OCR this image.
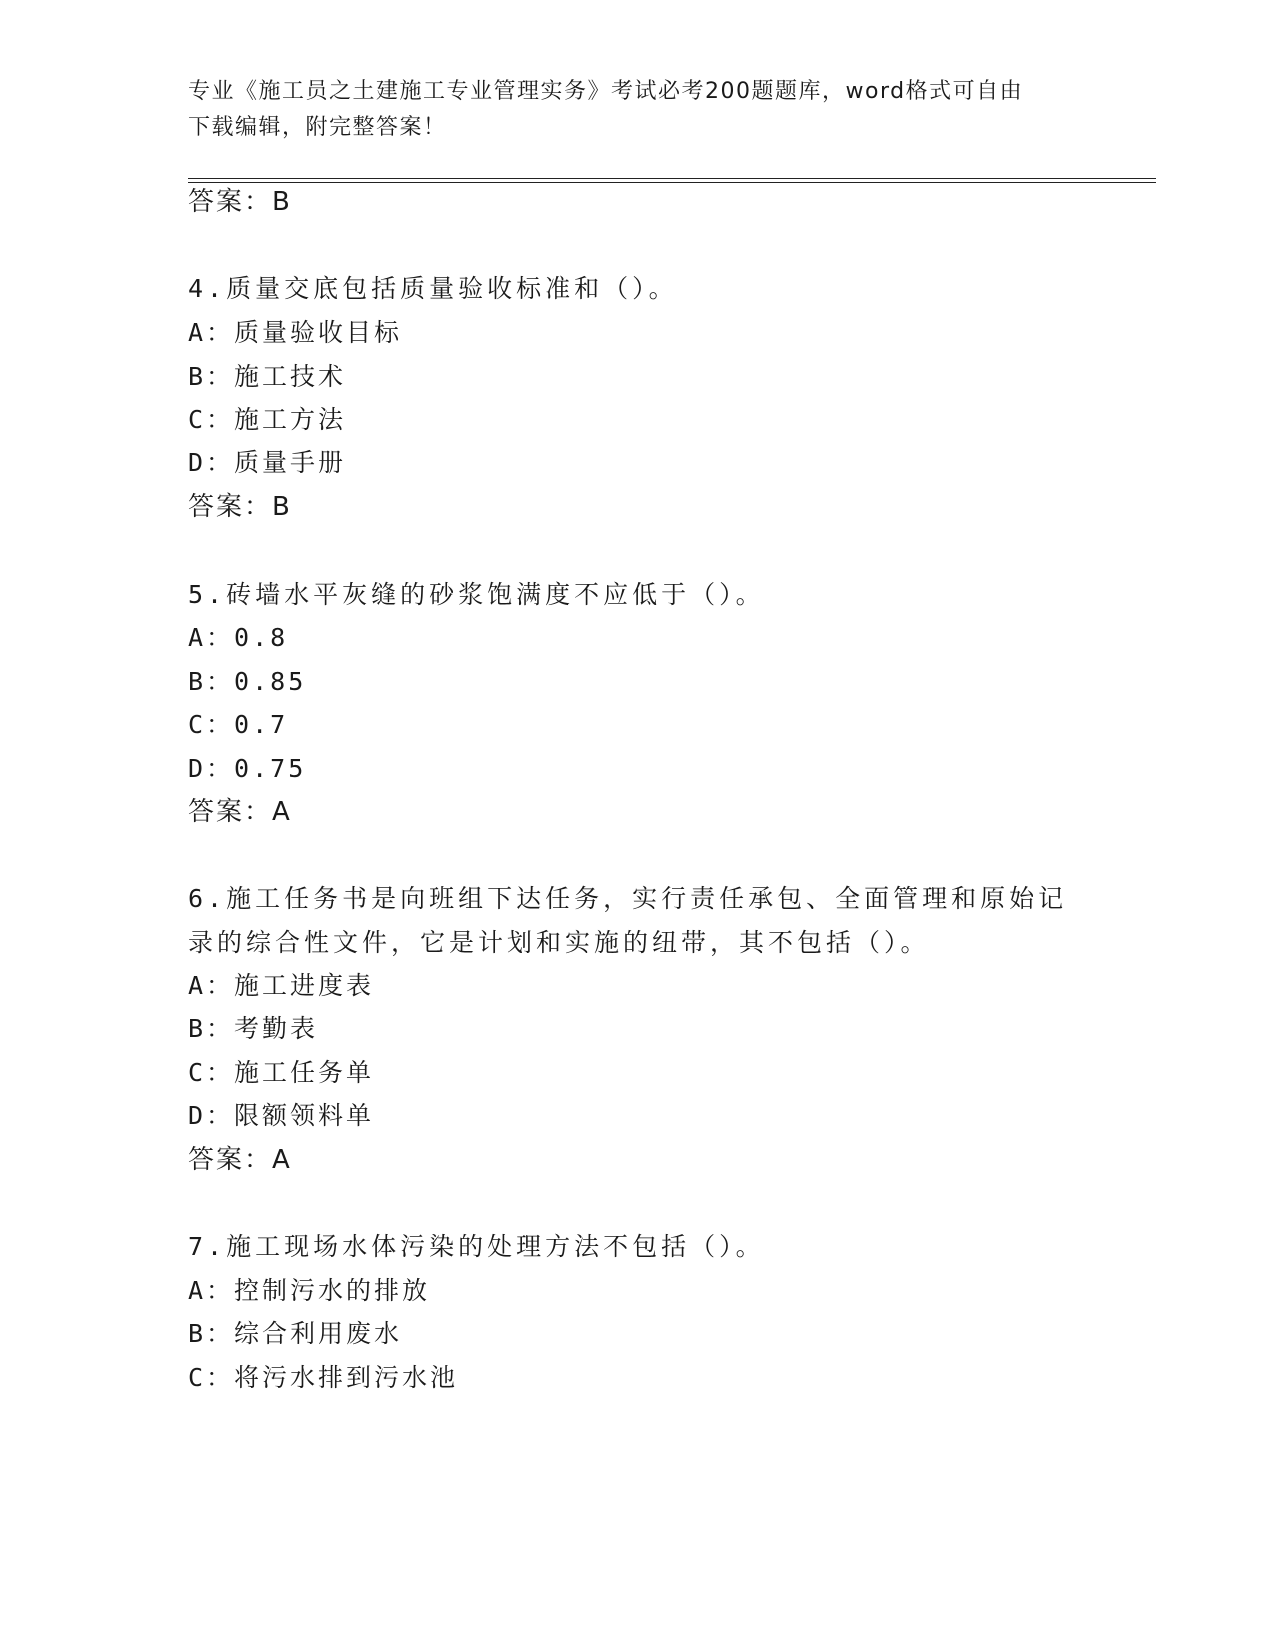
专业《施工员之土建施工专业管理实务》考试必考200题题库，word格式可自由
下载编辑，附完整答案！
答案：B
4.质量交底包括质量验收标准和（）。
A：质量验收目标
B：施工技术
C：施工方法
D：质量手册
答案：B
5.砖墙水平灰缝的砂浆饱满度不应低于（）。
A：0.8
B：0.85
C：0.7
D：0.75
答案：A
6.施工任务书是向班组下达任务，实行责任承包、全面管理和原始记
录的综合性文件，它是计划和实施的纽带，其不包括（）。
A：施工进度表
B：考勤表
C：施工任务单
D：限额领料单
答案：A
7.施工现场水体污染的处理方法不包括（）。
A：控制污水的排放
B：综合利用废水
C：将污水排到污水池
